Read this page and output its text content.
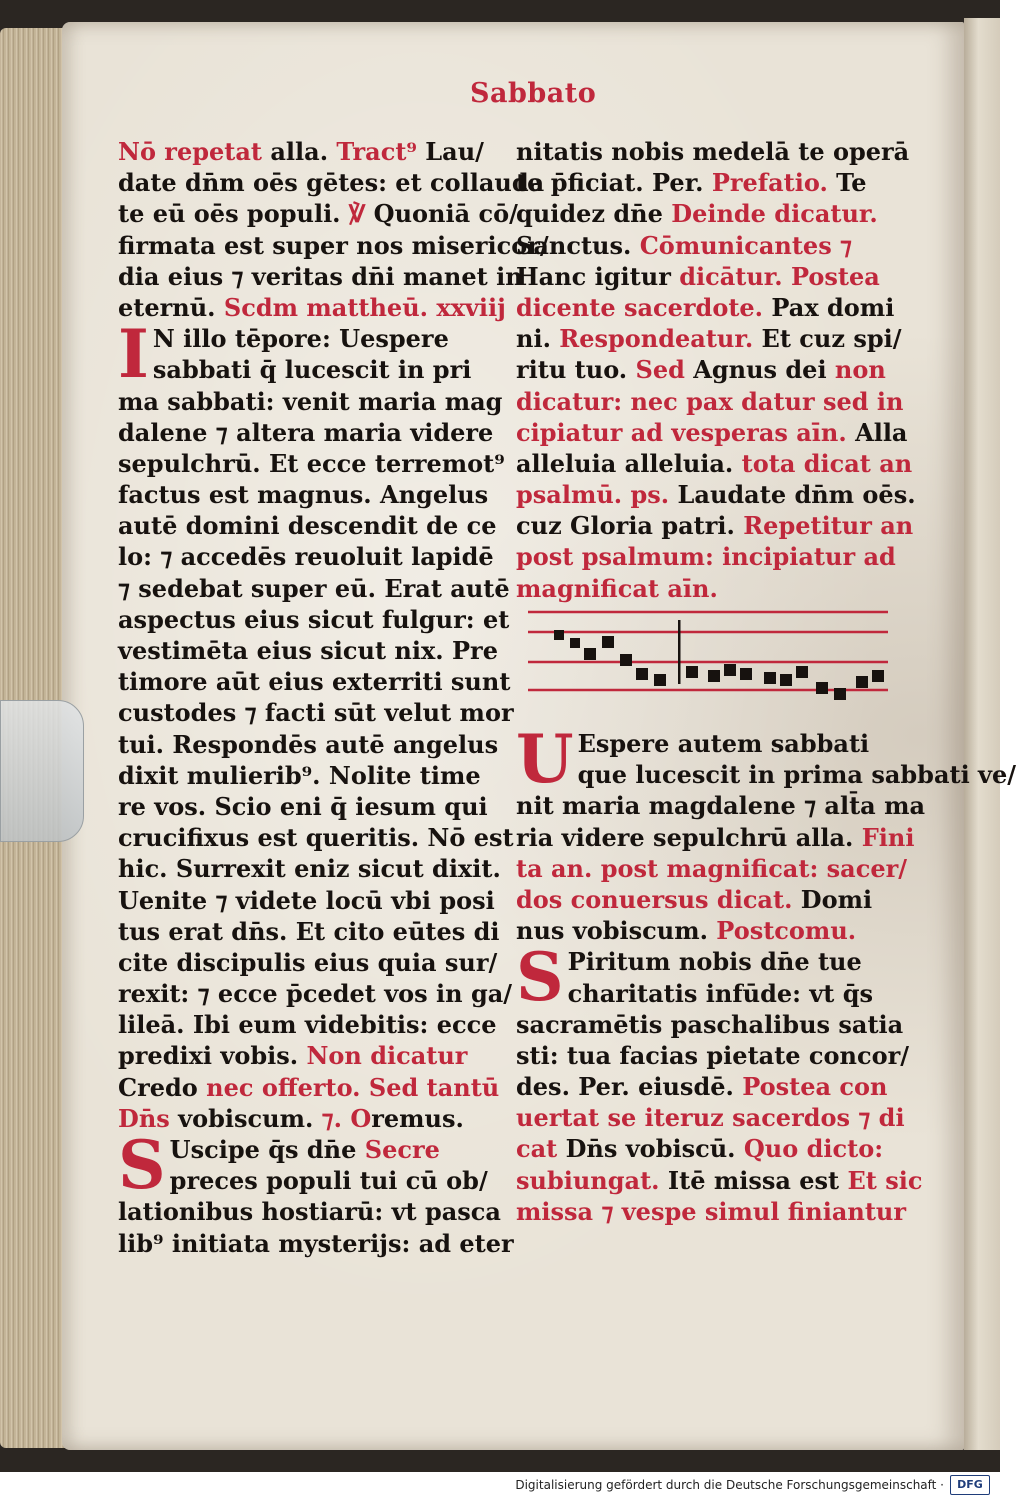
Sabbato
Nō repetat alla. Tract⁹ Lau/
date dn̄m oēs gētes: et collauda
te eū oēs populi. ℣ Quoniā cō/
firmata est super nos misericor/
dia eius ⁊ veritas dn̄i manet in
eternū. Scdm mattheū. xxviij
I N illo tēpore: Uespere
sabbati q̄ lucescit in pri
ma sabbati: venit maria mag
dalene ⁊ altera maria videre
sepulchrū. Et ecce terremot⁹
factus est magnus. Angelus
autē domini descendit de ce
lo: ⁊ accedēs reuoluit lapidē
⁊ sedebat super eū. Erat autē
aspectus eius sicut fulgur: et
vestimēta eius sicut nix. Pre
timore aūt eius exterriti sunt
custodes ⁊ facti sūt velut mor
tui. Respondēs autē angelus
dixit mulierib⁹. Nolite time
re vos. Scio eni q̄ iesum qui
crucifixus est queritis. Nō est
hic. Surrexit eniz sicut dixit.
Uenite ⁊ videte locū vbi posi
tus erat dn̄s. Et cito eūtes di
cite discipulis eius quia sur/
rexit: ⁊ ecce p̄cedet vos in ga/
lileā. Ibi eum videbitis: ecce
predixi vobis. Non dicatur
Credo nec offerto. Sed tantū
Dn̄s vobiscum. ⁊. Oremus.
S Uscipe q̄s dn̄e Secre
preces populi tui cū ob/
lationibus hostiarū: vt pasca
lib⁹ initiata mysterijs: ad eter
nitatis nobis medelā te operā
te p̄ficiat. Per. Prefatio. Te
quidez dn̄e Deinde dicatur.
Sanctus. Cōmunicantes ⁊
Hanc igitur dicātur. Postea
dicente sacerdote. Pax domi
ni. Respondeatur. Et cuz spi/
ritu tuo. Sed Agnus dei non
dicatur: nec pax datur sed in
cipiatur ad vesperas aīn. Alla
alleluia alleluia. tota dicat an
psalmū. ps. Laudate dn̄m oēs.
cuz Gloria patri. Repetitur an
post psalmum: incipiatur ad
magnificat aīn.
U Espere autem sabbati
que lucescit in prima sabbati ve/
nit maria magdalene ⁊ alt̄a ma
ria videre sepulchrū alla. Fini
ta an. post magnificat: sacer/
dos conuersus dicat. Domi
nus vobiscum. Postcomu.
S Piritum nobis dn̄e tue
charitatis infūde: vt q̄s
sacramētis paschalibus satia
sti: tua facias pietate concor/
des. Per. eiusdē. Postea con
uertat se iteruz sacerdos ⁊ di
cat Dn̄s vobiscū. Quo dicto:
subiungat. Itē missa est Et sic
missa ⁊ vespe simul finiantur
Digitalisierung gefördert durch die Deutsche Forschungsgemeinschaft ·	DFG
